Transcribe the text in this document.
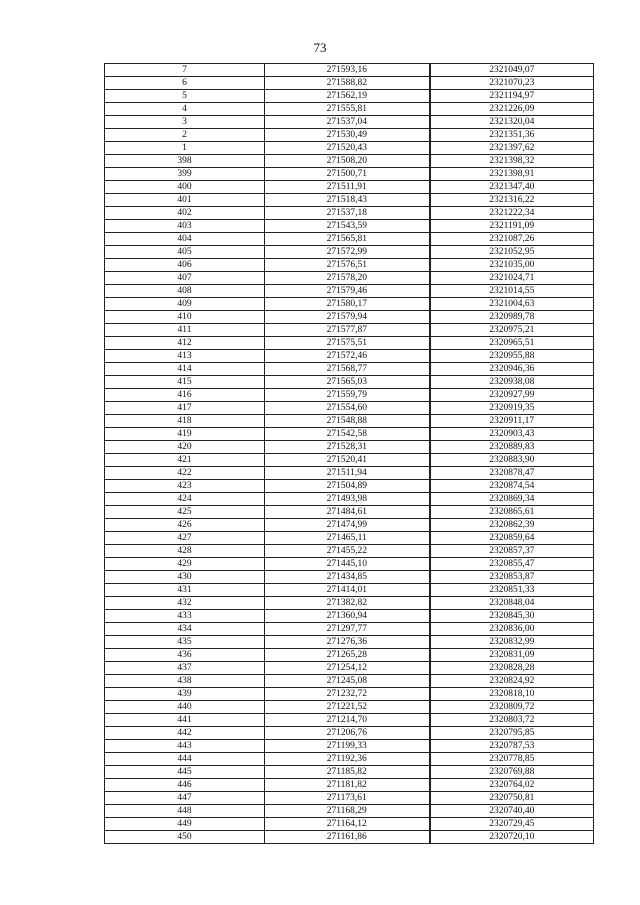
73
7	271593,16	2321049,07
6	271588,82	2321070,23
5	271562,19	2321194,97
4	271555,81	2321226,09
3	271537,04	2321320,04
2	271530,49	2321351,36
1	271520,43	2321397,62
398	271508,20	2321398,32
399	271500,71	2321398,91
400	271511,91	2321347,40
401	271518,43	2321316,22
402	271537,18	2321222,34
403	271543,59	2321191,09
404	271565,81	2321087,26
405	271572,99	2321052,95
406	271576,51	2321035,00
407	271578,20	2321024,71
408	271579,46	2321014,55
409	271580,17	2321004,63
410	271579,94	2320989,78
411	271577,87	2320975,21
412	271575,51	2320965,51
413	271572,46	2320955,88
414	271568,77	2320946,36
415	271565,03	2320938,08
416	271559,79	2320927,99
417	271554,60	2320919,35
418	271548,88	2320911,17
419	271542,58	2320903,43
420	271528,31	2320889,83
421	271520,41	2320883,90
422	271511,94	2320878,47
423	271504,89	2320874,54
424	271493,98	2320869,34
425	271484,61	2320865,61
426	271474,99	2320862,39
427	271465,11	2320859,64
428	271455,22	2320857,37
429	271445,10	2320855,47
430	271434,85	2320853,87
431	271414,01	2320851,33
432	271382,82	2320848,04
433	271360,94	2320845,30
434	271297,77	2320836,00
435	271276,36	2320832,99
436	271265,28	2320831,09
437	271254,12	2320828,28
438	271245,08	2320824,92
439	271232,72	2320818,10
440	271221,52	2320809,72
441	271214,70	2320803,72
442	271206,76	2320795,85
443	271199,33	2320787,53
444	271192,36	2320778,85
445	271185,82	2320769,88
446	271181,82	2320764,02
447	271173,61	2320750,81
448	271168,29	2320740,40
449	271164,12	2320729,45
450	271161,86	2320720,10
